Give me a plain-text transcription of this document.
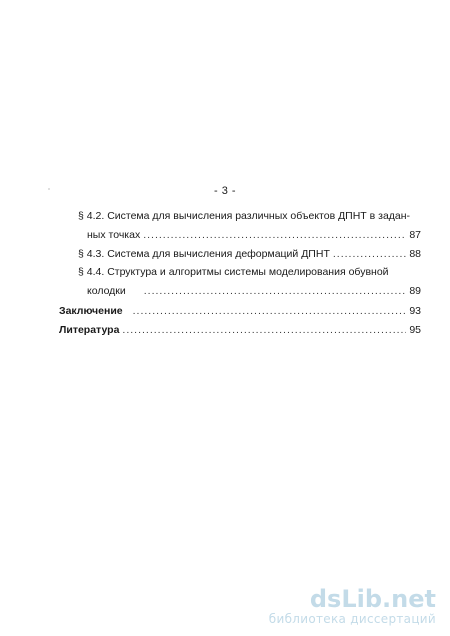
- 3 -
§ 4.2. Система для вычисления различных объектов ДПНТ в задан-
ных точках .....	87
§ 4.3. Система для вычисления деформаций ДПНТ .....	88
§ 4.4. Структура и алгоритмы системы моделирования обувной
колодки .....	89
Заключение .....	93
Литература .....	95
dsLib.net
библиотека диссертаций
